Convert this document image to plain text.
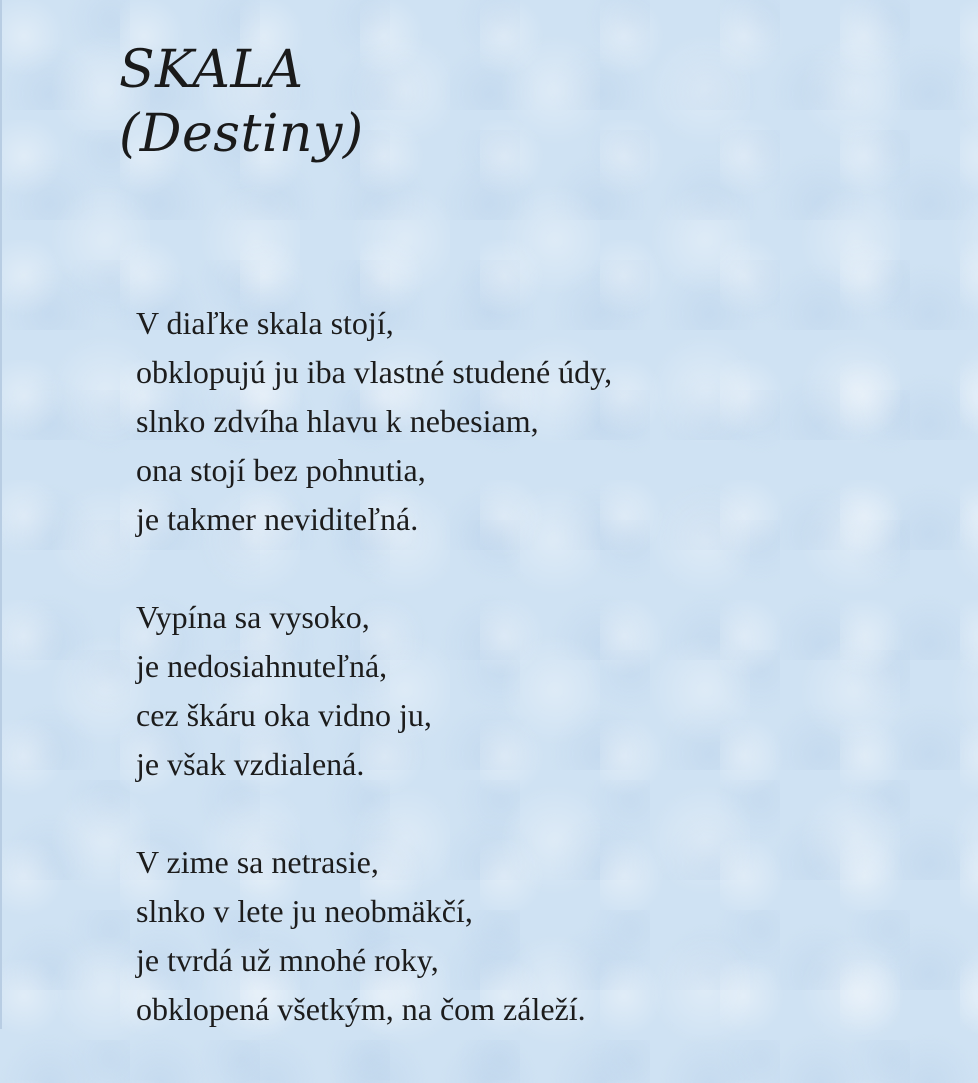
SKALA
(Destiny)
V diaľke skala stojí,
obklopujú ju iba vlastné studené údy,
slnko zdvíha hlavu k nebesiam,
ona stojí bez pohnutia,
je takmer neviditeľná.
Vypína sa vysoko,
je nedosiahnuteľná,
cez škáru oka vidno ju,
je však vzdialená.
V zime sa netrasie,
slnko v lete ju neobmäkčí,
je tvrdá už mnohé roky,
obklopená všetkým, na čom záleží.
